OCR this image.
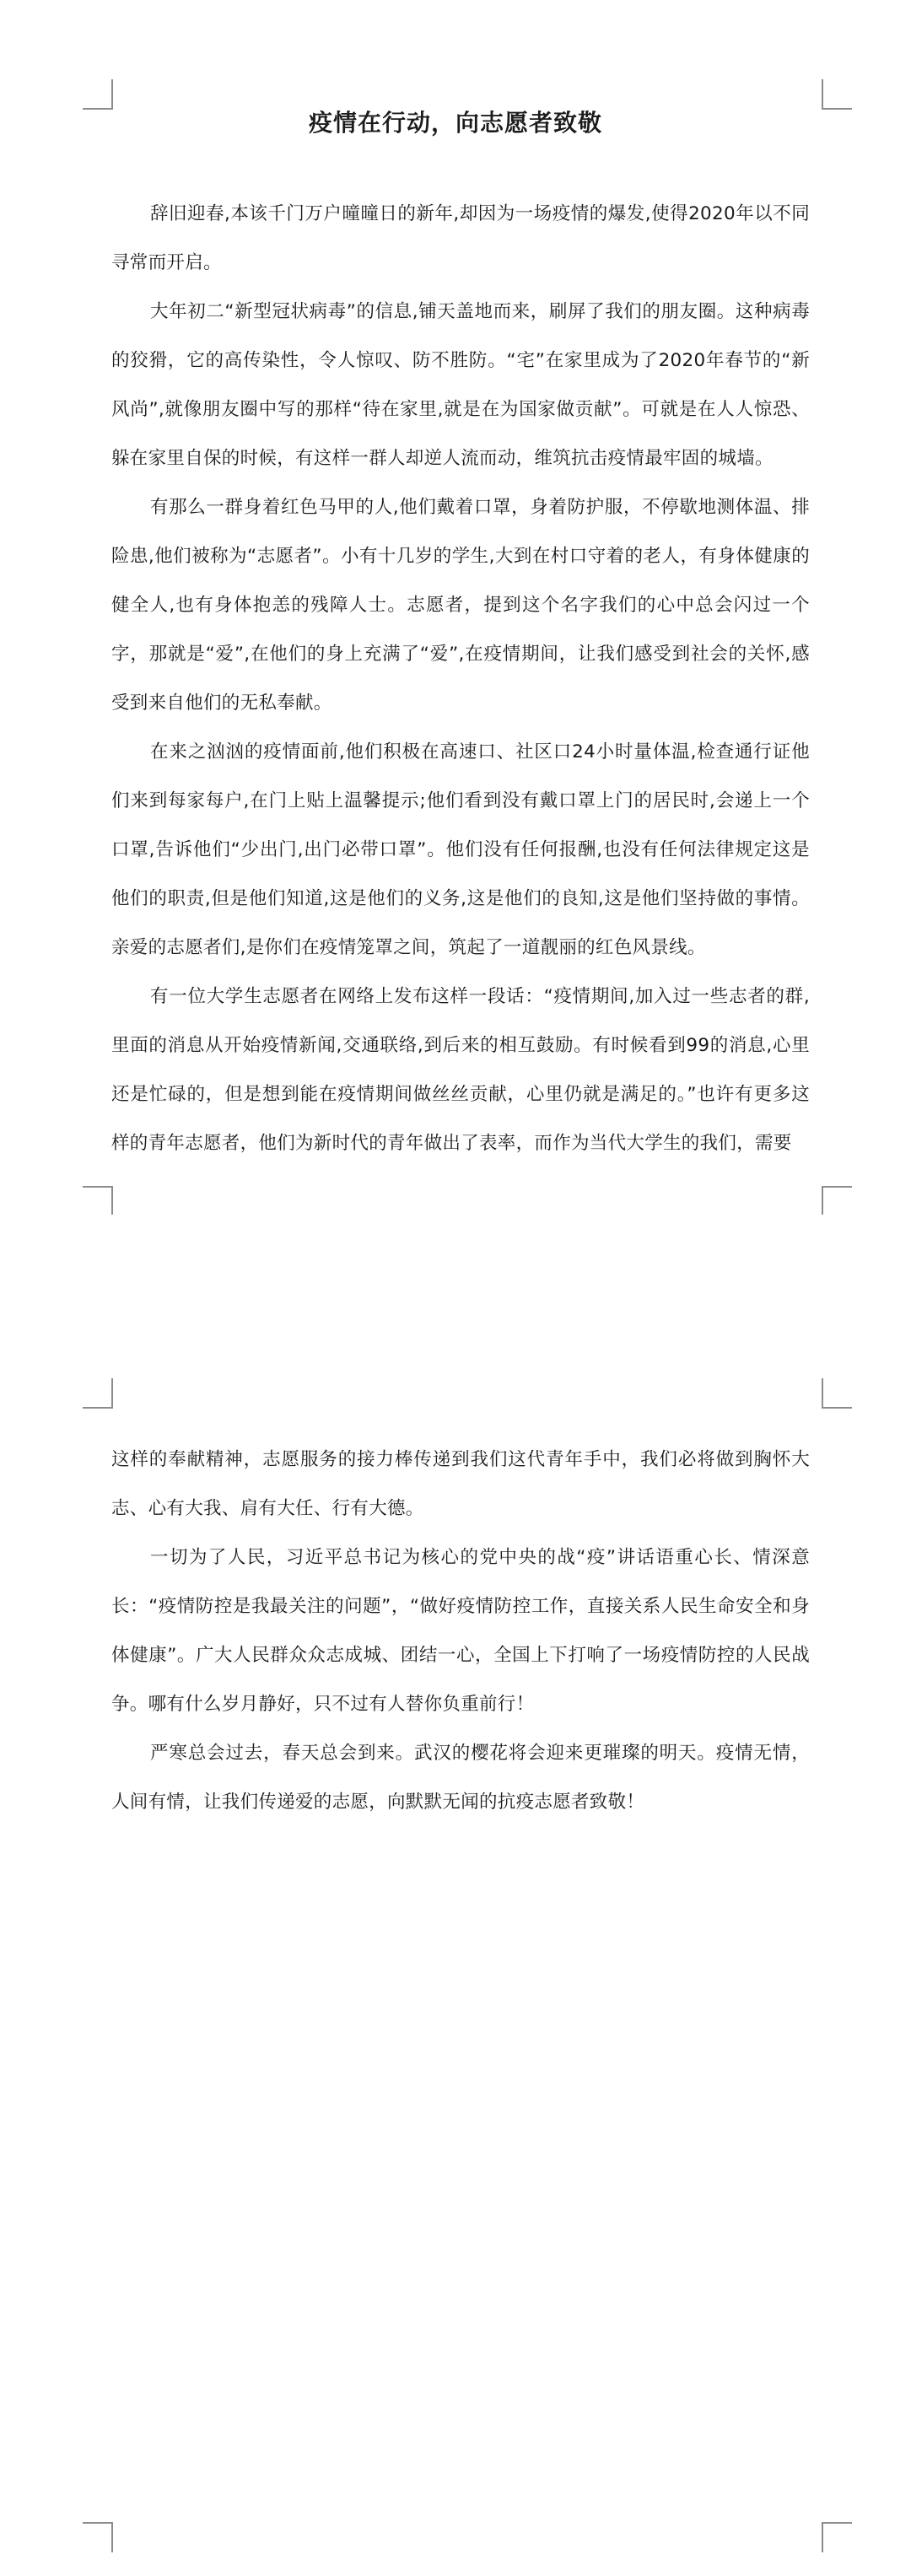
疫情在行动，向志愿者致敬

辞旧迎春,本该千门万户曈曈日的新年,却因为一场疫情的爆发,使得2020年以不同寻常而开启。

大年初二“新型冠状病毒”的信息,铺天盖地而来，刷屏了我们的朋友圈。这种病毒的狡猾，它的高传染性，令人惊叹、防不胜防。“宅”在家里成为了2020年春节的“新风尚”,就像朋友圈中写的那样“待在家里,就是在为国家做贡献”。可就是在人人惊恐、躲在家里自保的时候，有这样一群人却逆人流而动，维筑抗击疫情最牢固的城墙。

有那么一群身着红色马甲的人,他们戴着口罩，身着防护服，不停歇地测体温、排险患,他们被称为“志愿者”。小有十几岁的学生,大到在村口守着的老人，有身体健康的健全人,也有身体抱恙的残障人士。志愿者，提到这个名字我们的心中总会闪过一个字，那就是“爱”,在他们的身上充满了“爱”,在疫情期间，让我们感受到社会的关怀,感受到来自他们的无私奉献。

在来之汹汹的疫情面前,他们积极在高速口、社区口24小时量体温,检查通行证他们来到每家每户,在门上贴上温馨提示;他们看到没有戴口罩上门的居民时,会递上一个口罩,告诉他们“少出门,出门必带口罩”。他们没有任何报酬,也没有任何法律规定这是他们的职责,但是他们知道,这是他们的义务,这是他们的良知,这是他们坚持做的事情。亲爱的志愿者们,是你们在疫情笼罩之间，筑起了一道靓丽的红色风景线。

有一位大学生志愿者在网络上发布这样一段话：“疫情期间,加入过一些志者的群,里面的消息从开始疫情新闻,交通联络,到后来的相互鼓励。有时候看到99的消息,心里还是忙碌的，但是想到能在疫情期间做丝丝贡献，心里仍就是满足的。”也许有更多这样的青年志愿者，他们为新时代的青年做出了表率，而作为当代大学生的我们，需要

这样的奉献精神，志愿服务的接力棒传递到我们这代青年手中，我们必将做到胸怀大志、心有大我、肩有大任、行有大德。

一切为了人民，习近平总书记为核心的党中央的战“疫”讲话语重心长、情深意长：“疫情防控是我最关注的问题”，“做好疫情防控工作，直接关系人民生命安全和身体健康”。广大人民群众众志成城、团结一心，全国上下打响了一场疫情防控的人民战争。哪有什么岁月静好，只不过有人替你负重前行！

严寒总会过去，春天总会到来。武汉的樱花将会迎来更璀璨的明天。疫情无情，人间有情，让我们传递爱的志愿，向默默无闻的抗疫志愿者致敬！
